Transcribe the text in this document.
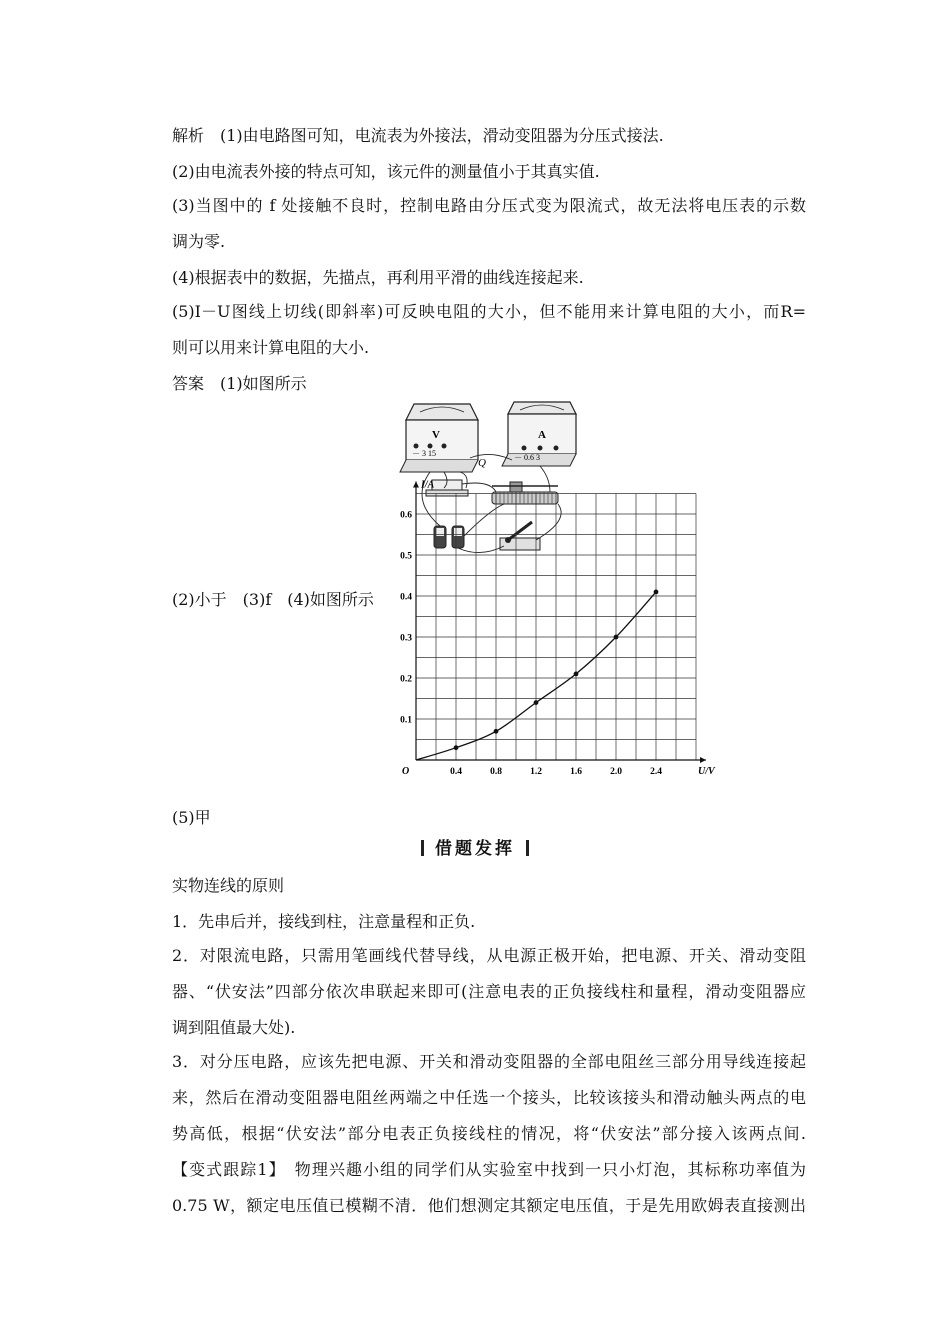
解析　(1)由电路图可知，电流表为外接法，滑动变阻器为分压式接法.
(2)由电流表外接的特点可知，该元件的测量值小于其真实值.
(3)当图中的 f 处接触不良时，控制电路由分压式变为限流式，故无法将电压表的示数
调为零.
(4)根据表中的数据，先描点，再利用平滑的曲线连接起来.
(5)I－U图线上切线(即斜率)可反映电阻的大小，但不能用来计算电阻的大小，而R=
则可以用来计算电阻的大小.
答案　(1)如图所示
V
－ 3 15
A
－ 0.6 3
Q
(2)小于　(3)f　(4)如图所示
I/A
U/V
O	0.4	0.8	1.2	1.6	2.0	2.4
0.1
0.2
0.3
0.4
0.5
0.6
(5)甲
借题发挥
实物连线的原则
1．先串后并，接线到柱，注意量程和正负.
2．对限流电路，只需用笔画线代替导线，从电源正极开始，把电源、开关、滑动变阻
器、“伏安法”四部分依次串联起来即可(注意电表的正负接线柱和量程，滑动变阻器应
调到阻值最大处).
3．对分压电路，应该先把电源、开关和滑动变阻器的全部电阻丝三部分用导线连接起
来，然后在滑动变阻器电阻丝两端之中任选一个接头，比较该接头和滑动触头两点的电
势高低，根据“伏安法”部分电表正负接线柱的情况，将“伏安法”部分接入该两点间.
【变式跟踪1】　物理兴趣小组的同学们从实验室中找到一只小灯泡，其标称功率值为
0.75 W，额定电压值已模糊不清．他们想测定其额定电压值，于是先用欧姆表直接测出
